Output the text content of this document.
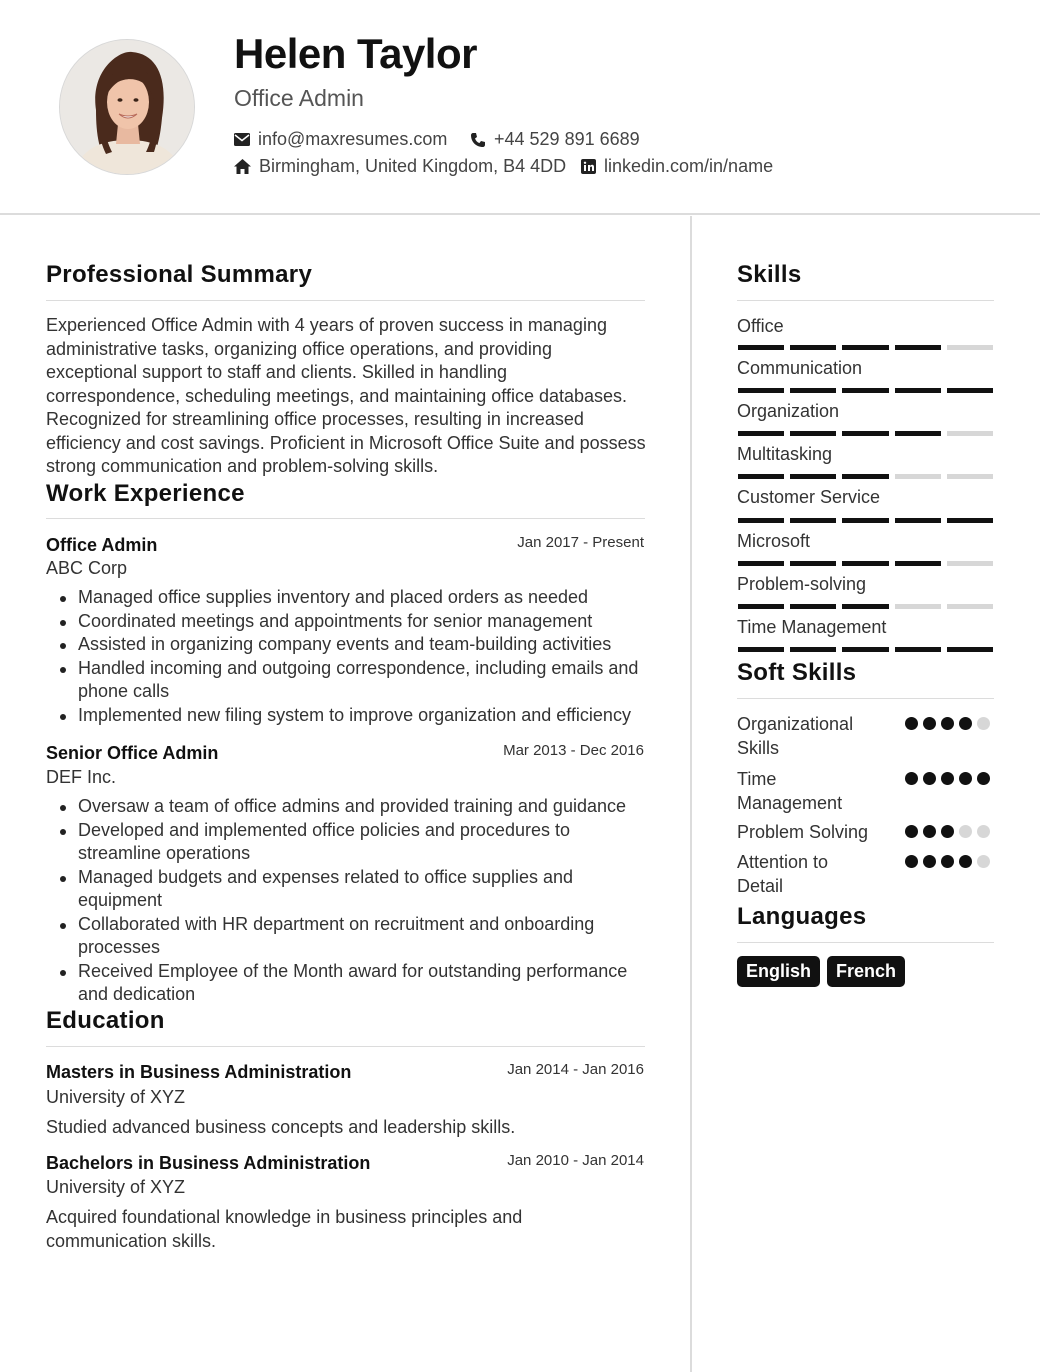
Helen Taylor
Office Admin
info@maxresumes.com	+44 529 891 6689
Birmingham, United Kingdom, B4 4DD linkedin.com/in/name
Professional Summary
Experienced Office Admin with 4 years of proven success in managing administrative tasks, organizing office operations, and providing exceptional support to staff and clients. Skilled in handling correspondence, scheduling meetings, and maintaining office databases. Recognized for streamlining office processes, resulting in increased efficiency and cost savings. Proficient in Microsoft Office Suite and possess strong communication and problem-solving skills.
Work Experience
Office Admin	Jan 2017 - Present
ABC Corp
Managed office supplies inventory and placed orders as needed
Coordinated meetings and appointments for senior management
Assisted in organizing company events and team-building activities
Handled incoming and outgoing correspondence, including emails and phone calls
Implemented new filing system to improve organization and efficiency
Senior Office Admin	Mar 2013 - Dec 2016
DEF Inc.
Oversaw a team of office admins and provided training and guidance
Developed and implemented office policies and procedures to streamline operations
Managed budgets and expenses related to office supplies and equipment
Collaborated with HR department on recruitment and onboarding processes
Received Employee of the Month award for outstanding performance and dedication
Education
Masters in Business Administration	Jan 2014 - Jan 2016
University of XYZ
Studied advanced business concepts and leadership skills.
Bachelors in Business Administration	Jan 2010 - Jan 2014
University of XYZ
Acquired foundational knowledge in business principles and communication skills.
Skills
Office
Communication
Organization
Multitasking
Customer Service
Microsoft
Problem-solving
Time Management
Soft Skills
Organizational Skills
Time Management
Problem Solving
Attention to Detail
Languages
English	French
